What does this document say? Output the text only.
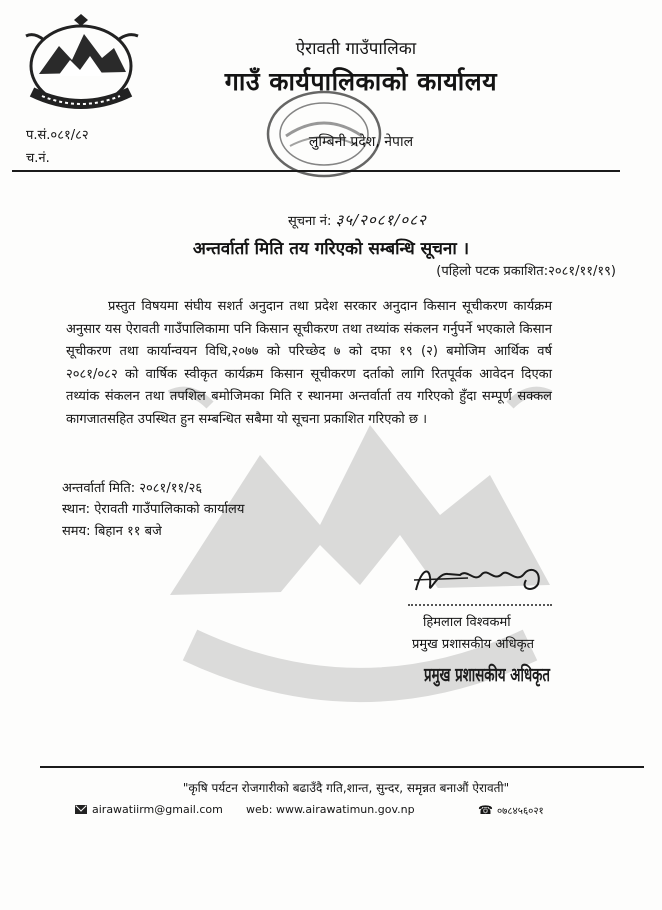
ऐरावती गाउँपालिका
गाउँ कार्यपालिकाको कार्यालय
लुम्बिनी प्रदेश, नेपाल
प.सं.०८१/८२
च.नं.
सूचना नं: ३५/२०८१/०८२
अन्तर्वार्ता मिति तय गरिएको सम्बन्धि सूचना ।
(पहिलो पटक प्रकाशित:२०८१/११/१९)
प्रस्तुत विषयमा संघीय सशर्त अनुदान तथा प्रदेश सरकार अनुदान किसान सूचीकरण कार्यक्रम अनुसार यस ऐरावती गाउँपालिकामा पनि किसान सूचीकरण तथा तथ्यांक संकलन गर्नुपर्ने भएकाले किसान सूचीकरण तथा कार्यान्वयन विधि,२०७७ को परिच्छेद ७ को दफा १९ (२) बमोजिम आर्थिक वर्ष २०८१/०८२ को वार्षिक स्वीकृत कार्यक्रम किसान सूचीकरण दर्ताको लागि रितपूर्वक आवेदन दिएका तथ्यांक संकलन तथा तपशिल बमोजिमका मिति र स्थानमा अन्तर्वार्ता तय गरिएको हुँदा सम्पूर्ण सक्कल कागजातसहित उपस्थित हुन सम्बन्धित सबैमा यो सूचना प्रकाशित गरिएको छ ।
अन्तर्वार्ता मिति: २०८१/११/२६
स्थान: ऐरावती गाउँपालिकाको कार्यालय
समय: बिहान ११ बजे
हिमलाल विश्वकर्मा
प्रमुख प्रशासकीय अधिकृत
प्रमुख प्रशासकीय अधिकृत
"कृषि पर्यटन रोजगारीको बढाउँदै गति,शान्त, सुन्दर, समृन्नत बनाऔं ऐरावती"
airawatiirm@gmail.com web: www.airawatimun.gov.np	☎ ०७८४५६०२१
